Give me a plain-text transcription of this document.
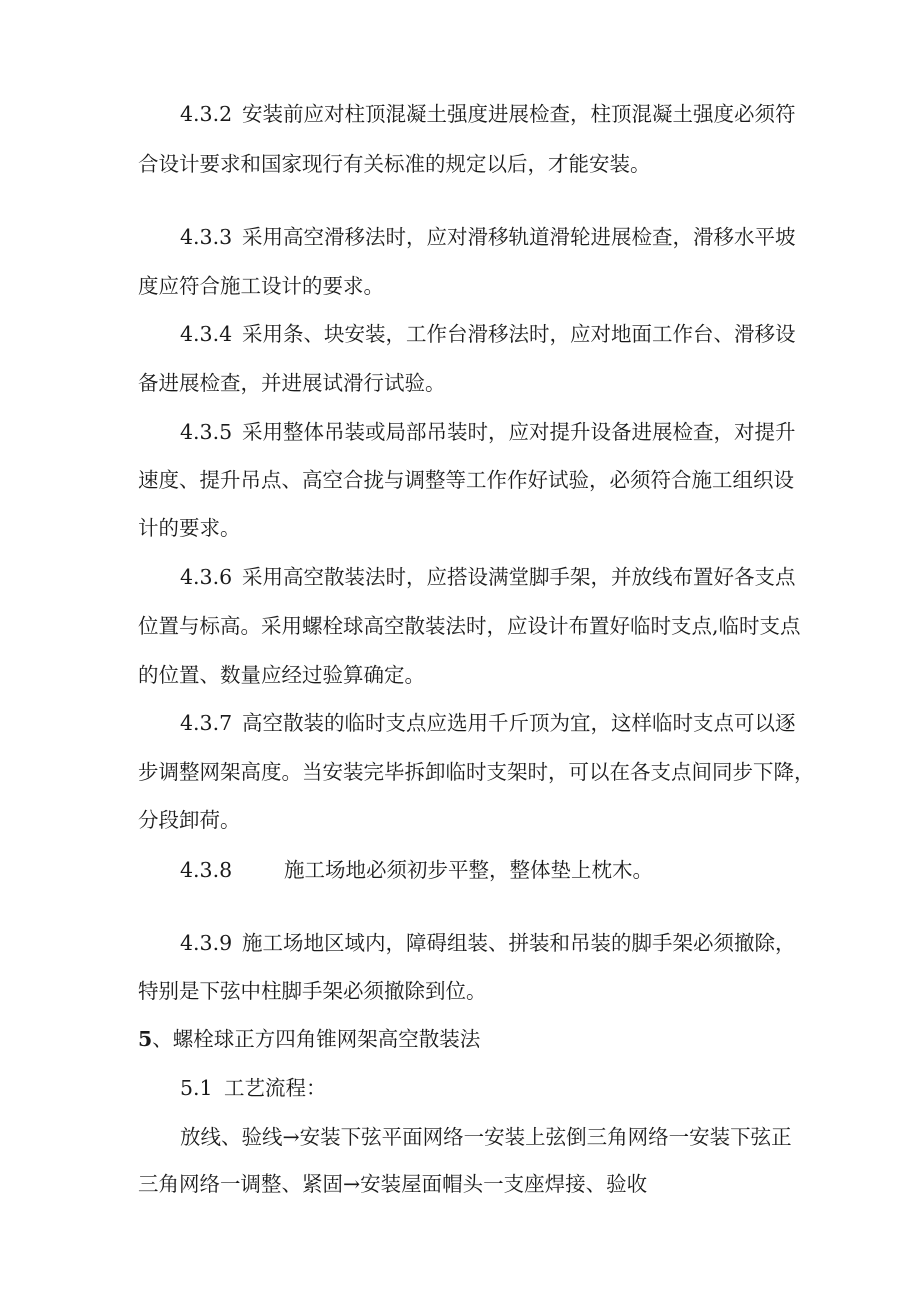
4.3.2 安装前应对柱顶混凝土强度进展检查，柱顶混凝土强度必须符
合设计要求和国家现行有关标准的规定以后，才能安装。
4.3.3 采用高空滑移法时，应对滑移轨道滑轮进展检查，滑移水平坡
度应符合施工设计的要求。
4.3.4 采用条、块安装，工作台滑移法时，应对地面工作台、滑移设
备进展检查，并进展试滑行试验。
4.3.5 采用整体吊装或局部吊装时，应对提升设备进展检查，对提升
速度、提升吊点、高空合拢与调整等工作作好试验，必须符合施工组织设
计的要求。
4.3.6 采用高空散装法时，应搭设满堂脚手架，并放线布置好各支点
位置与标高。采用螺栓球高空散装法时，应设计布置好临时支点,临时支点
的位置、数量应经过验算确定。
4.3.7 高空散装的临时支点应选用千斤顶为宜，这样临时支点可以逐
步调整网架高度。当安装完毕拆卸临时支架时，可以在各支点间同步下降，
分段卸荷。
4.3.8	施工场地必须初步平整，整体垫上枕木。
4.3.9 施工场地区域内，障碍组装、拼装和吊装的脚手架必须撤除，
特别是下弦中柱脚手架必须撤除到位。
5、螺栓球正方四角锥网架高空散装法
5.1 工艺流程：
放线、验线→安装下弦平面网络一安装上弦倒三角网络一安装下弦正
三角网络一调整、紧固→安装屋面帽头一支座焊接、验收
